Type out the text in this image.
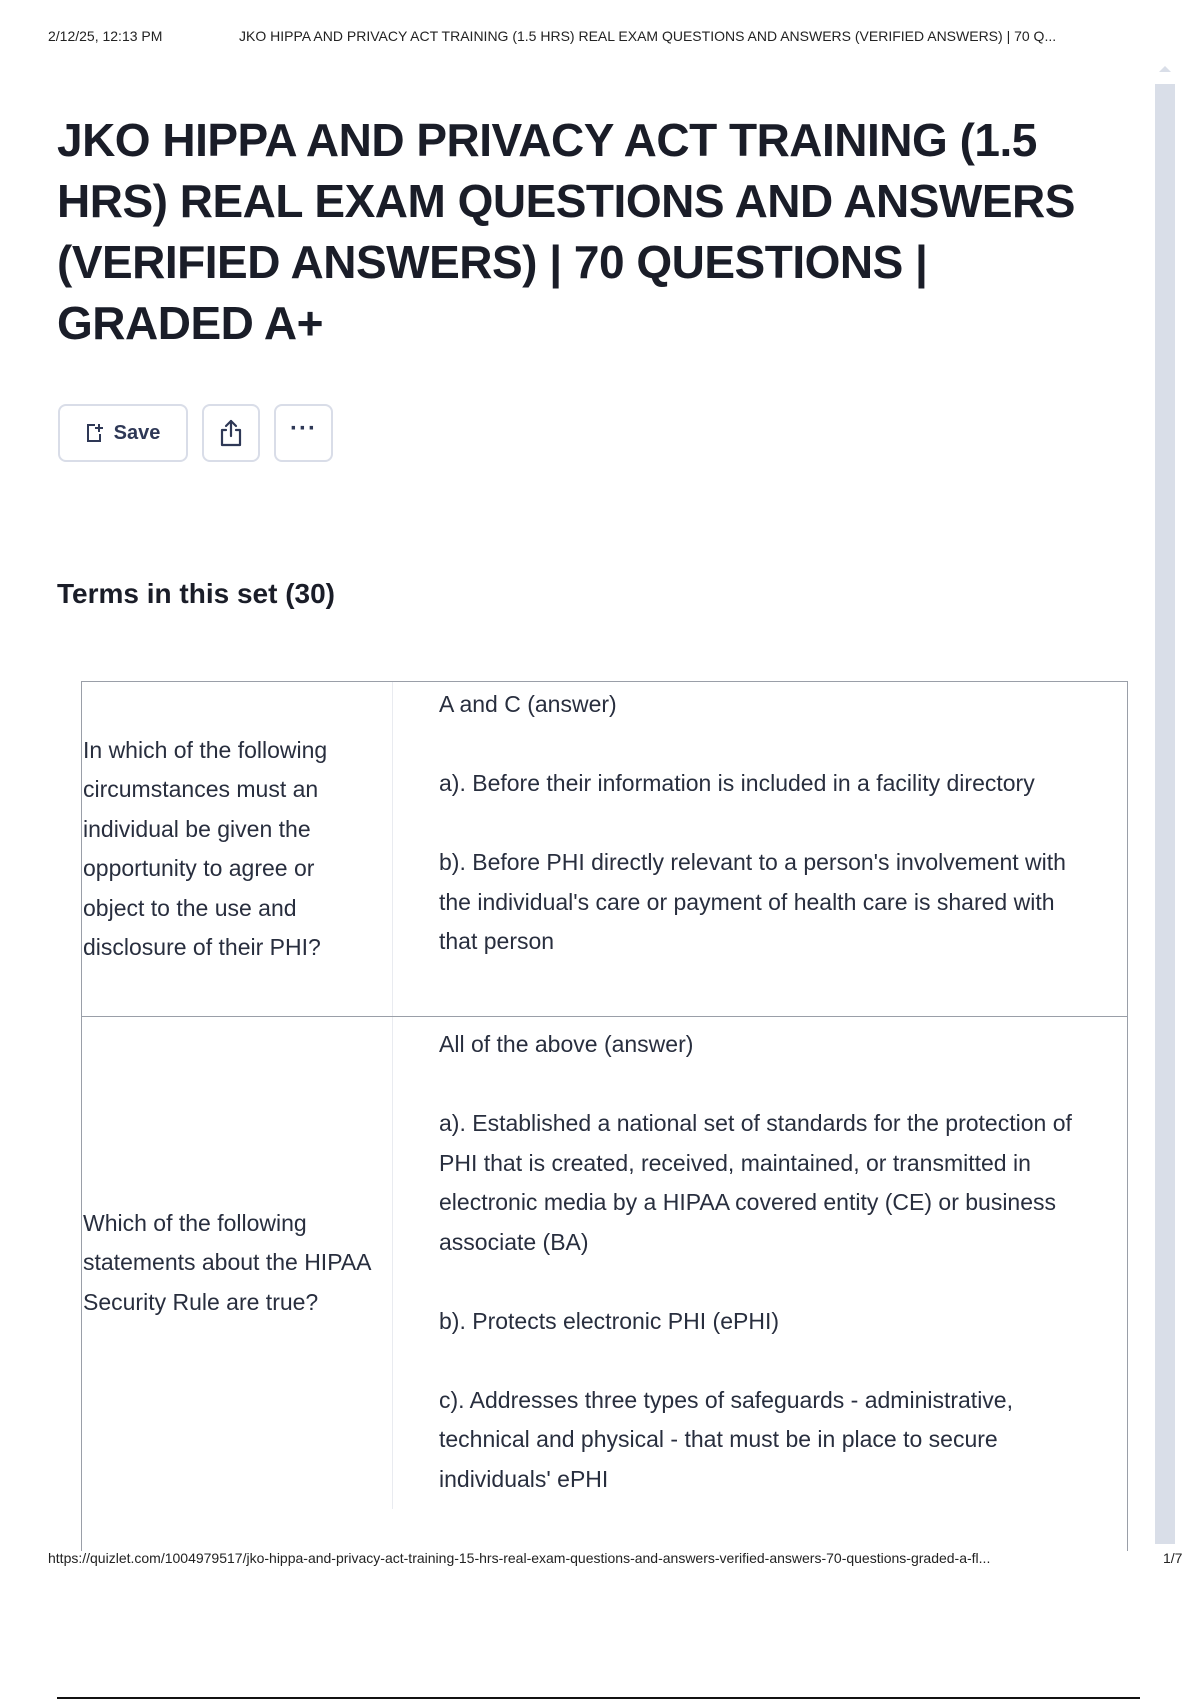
2/12/25, 12:13 PM	JKO HIPPA AND PRIVACY ACT TRAINING (1.5 HRS) REAL EXAM QUESTIONS AND ANSWERS (VERIFIED ANSWERS) | 70 Q...
JKO HIPPA AND PRIVACY ACT TRAINING (1.5 HRS) REAL EXAM QUESTIONS AND ANSWERS (VERIFIED ANSWERS) | 70 QUESTIONS | GRADED A+
Save	···
Terms in this set (30)
In which of the following circumstances must an individual be given the opportunity to agree or object to the use and disclosure of their PHI?
A and C (answer)

a). Before their information is included in a facility directory

b). Before PHI directly relevant to a person's involvement with the individual's care or payment of health care is shared with that person
Which of the following statements about the HIPAA Security Rule are true?
All of the above (answer)

a). Established a national set of standards for the protection of PHI that is created, received, maintained, or transmitted in electronic media by a HIPAA covered entity (CE) or business associate (BA)

b). Protects electronic PHI (ePHI)

c). Addresses three types of safeguards - administrative, technical and physical - that must be in place to secure individuals' ePHI
https://quizlet.com/1004979517/jko-hippa-and-privacy-act-training-15-hrs-real-exam-questions-and-answers-verified-answers-70-questions-graded-a-fl...	1/7
